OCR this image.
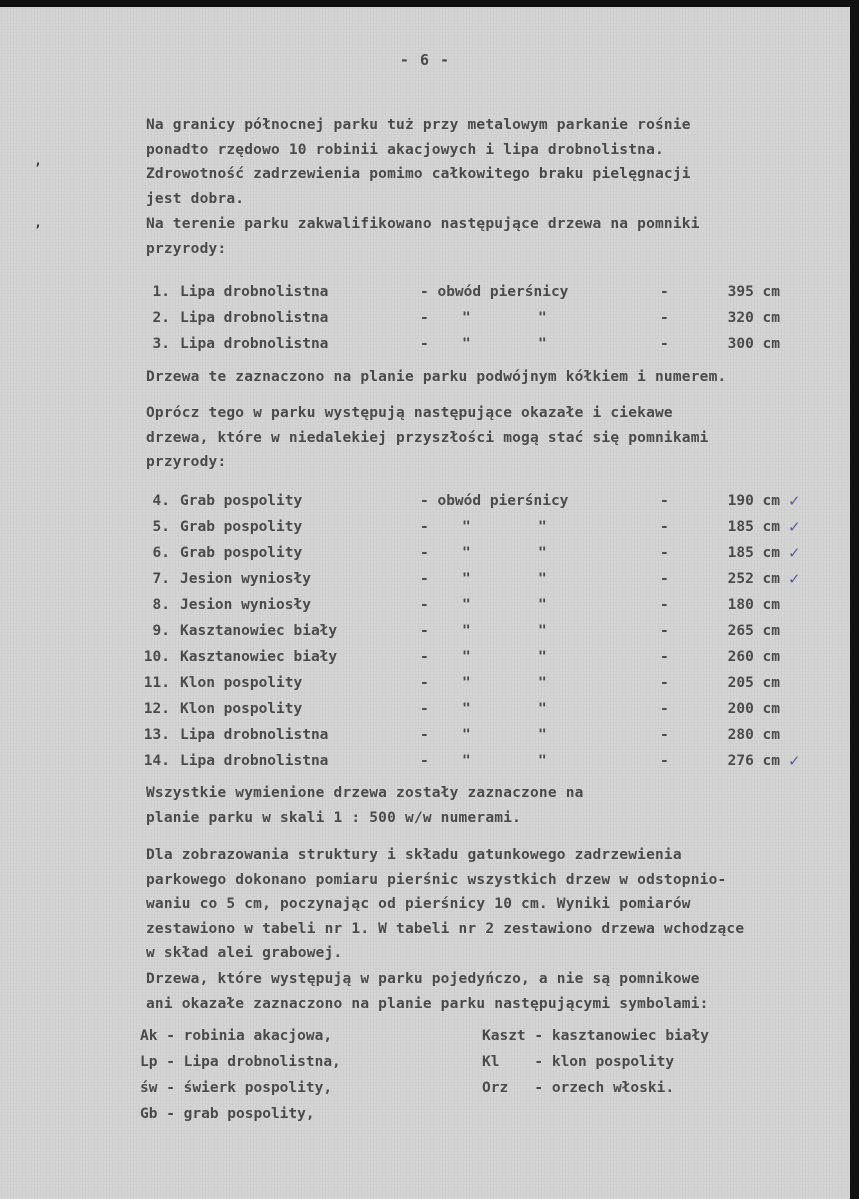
- 6 -
ʼ
ʼ
Na granicy północnej parku tuż przy metalowym parkanie rośnie
ponadto rzędowo 10 robinii akacjowych i lipa drobnolistna.
Zdrowotność zadrzewienia pomimo całkowitego braku pielęgnacji
jest dobra.
Na terenie parku zakwalifikowano następujące drzewa na pomniki
przyrody:
1. Lipa drobnolistna	- obwód pierśnicy	-	395 cm
2. Lipa drobnolistna	- "	"	-	320 cm
3. Lipa drobnolistna	- "	"	-	300 cm
Drzewa te zaznaczono na planie parku podwójnym kółkiem i numerem.
Oprócz tego w parku występują następujące okazałe i ciekawe
drzewa, które w niedalekiej przyszłości mogą stać się pomnikami
przyrody:
4. Grab pospolity	- obwód pierśnicy	-	190 cm ✓
5. Grab pospolity	- "	"	-	185 cm ✓
6. Grab pospolity	- "	"	-	185 cm ✓
7. Jesion wyniosły	- "	"	-	252 cm ✓
8. Jesion wyniosły	- "	"	-	180 cm
9. Kasztanowiec biały	- "	"	-	265 cm
10. Kasztanowiec biały	- "	"	-	260 cm
11. Klon pospolity	- "	"	-	205 cm
12. Klon pospolity	- "	"	-	200 cm
13. Lipa drobnolistna	- "	"	-	280 cm
14. Lipa drobnolistna	- "	"	-	276 cm ✓
Wszystkie wymienione drzewa zostały zaznaczone na
planie parku w skali 1 : 500 w/w numerami.
Dla zobrazowania struktury i składu gatunkowego zadrzewienia
parkowego dokonano pomiaru pierśnic wszystkich drzew w odstopnio-
waniu co 5 cm, poczynając od pierśnicy 10 cm. Wyniki pomiarów
zestawiono w tabeli nr 1. W tabeli nr 2 zestawiono drzewa wchodzące
w skład alei grabowej.
Drzewa, które występują w parku pojedyńczo, a nie są pomnikowe
ani okazałe zaznaczono na planie parku następującymi symbolami:
Ak - robinia akacjowa,	Kaszt - kasztanowiec biały
Lp - Lipa drobnolistna,	Kl    - klon pospolity
św - świerk pospolity,	Orz   - orzech włoski.
Gb - grab pospolity,
